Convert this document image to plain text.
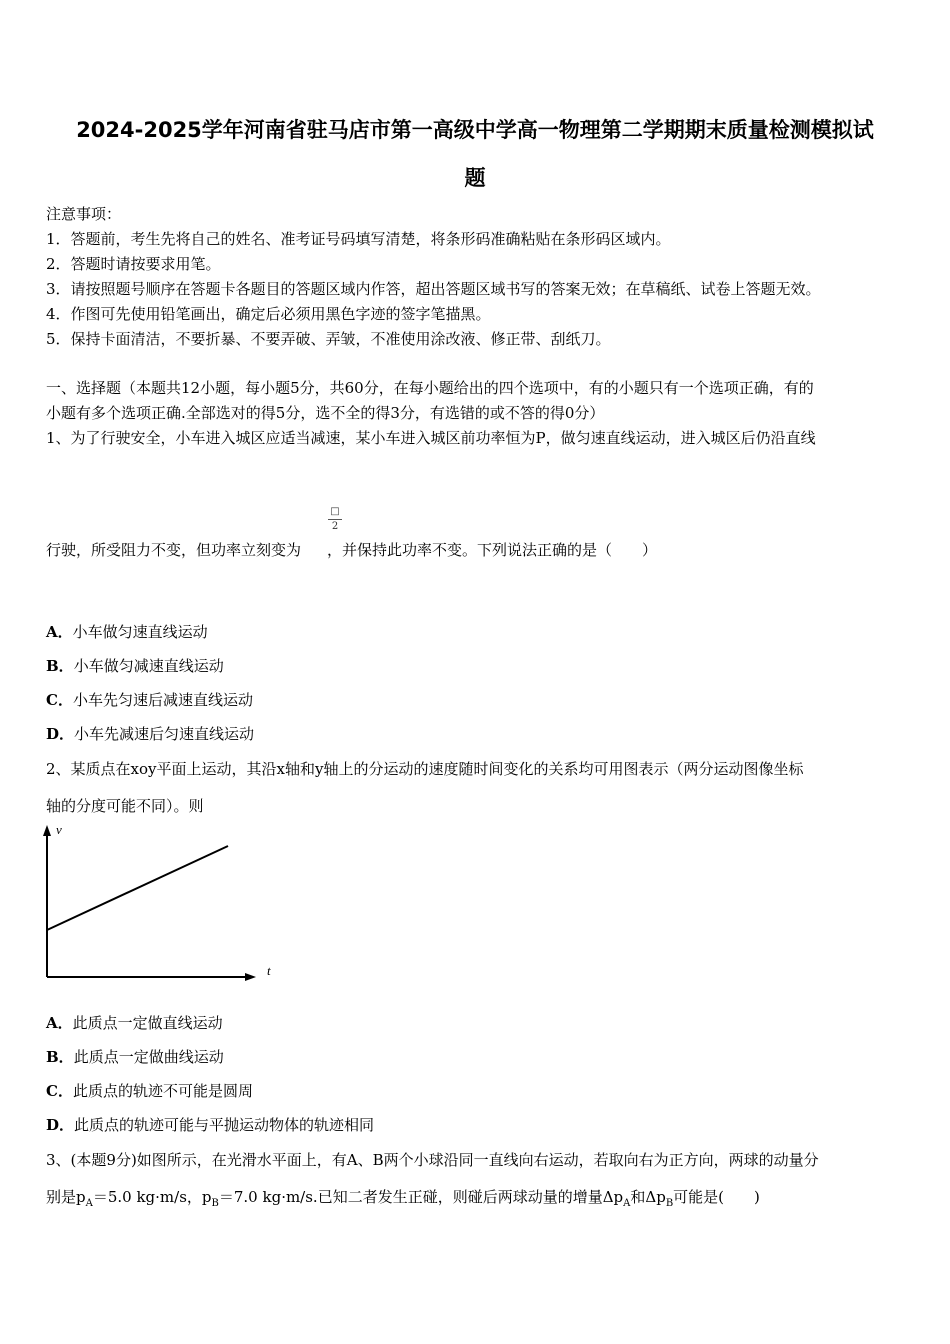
2024-2025学年河南省驻马店市第一高级中学高一物理第二学期期末质量检测模拟试
题
注意事项：
1．答题前，考生先将自己的姓名、准考证号码填写清楚，将条形码准确粘贴在条形码区域内。
2．答题时请按要求用笔。
3．请按照题号顺序在答题卡各题目的答题区域内作答，超出答题区域书写的答案无效；在草稿纸、试卷上答题无效。
4．作图可先使用铅笔画出，确定后必须用黑色字迹的签字笔描黑。
5．保持卡面清洁，不要折暴、不要弄破、弄皱，不准使用涂改液、修正带、刮纸刀。
一、选择题（本题共12小题，每小题5分，共60分，在每小题给出的四个选项中，有的小题只有一个选项正确，有的
小题有多个选项正确.全部选对的得5分，选不全的得3分，有选错的或不答的得0分）
1、为了行驶安全，小车进入城区应适当减速，某小车进入城区前功率恒为P，做匀速直线运动，进入城区后仍沿直线
行驶，所受阻力不变，但功率立刻变为 ，并保持此功率不变。下列说法正确的是（　　）
□
2
A．小车做匀速直线运动
B．小车做匀减速直线运动
C．小车先匀速后减速直线运动
D．小车先减速后匀速直线运动
2、某质点在xoy平面上运动，其沿x轴和y轴上的分运动的速度随时间变化的关系均可用图表示（两分运动图像坐标
轴的分度可能不同）。则
v
t
A．此质点一定做直线运动
B．此质点一定做曲线运动
C．此质点的轨迹不可能是圆周
D．此质点的轨迹可能与平抛运动物体的轨迹相同
3、(本题9分)如图所示，在光滑水平面上，有A、B两个小球沿同一直线向右运动，若取向右为正方向，两球的动量分
别是$p_A=5.0$ kg·m/s，$p_B=7.0$ kg·m/s.已知二者发生正碰，则碰后两球动量的增量$\Delta p_A$和$\Delta p_B$可能是(　　)
